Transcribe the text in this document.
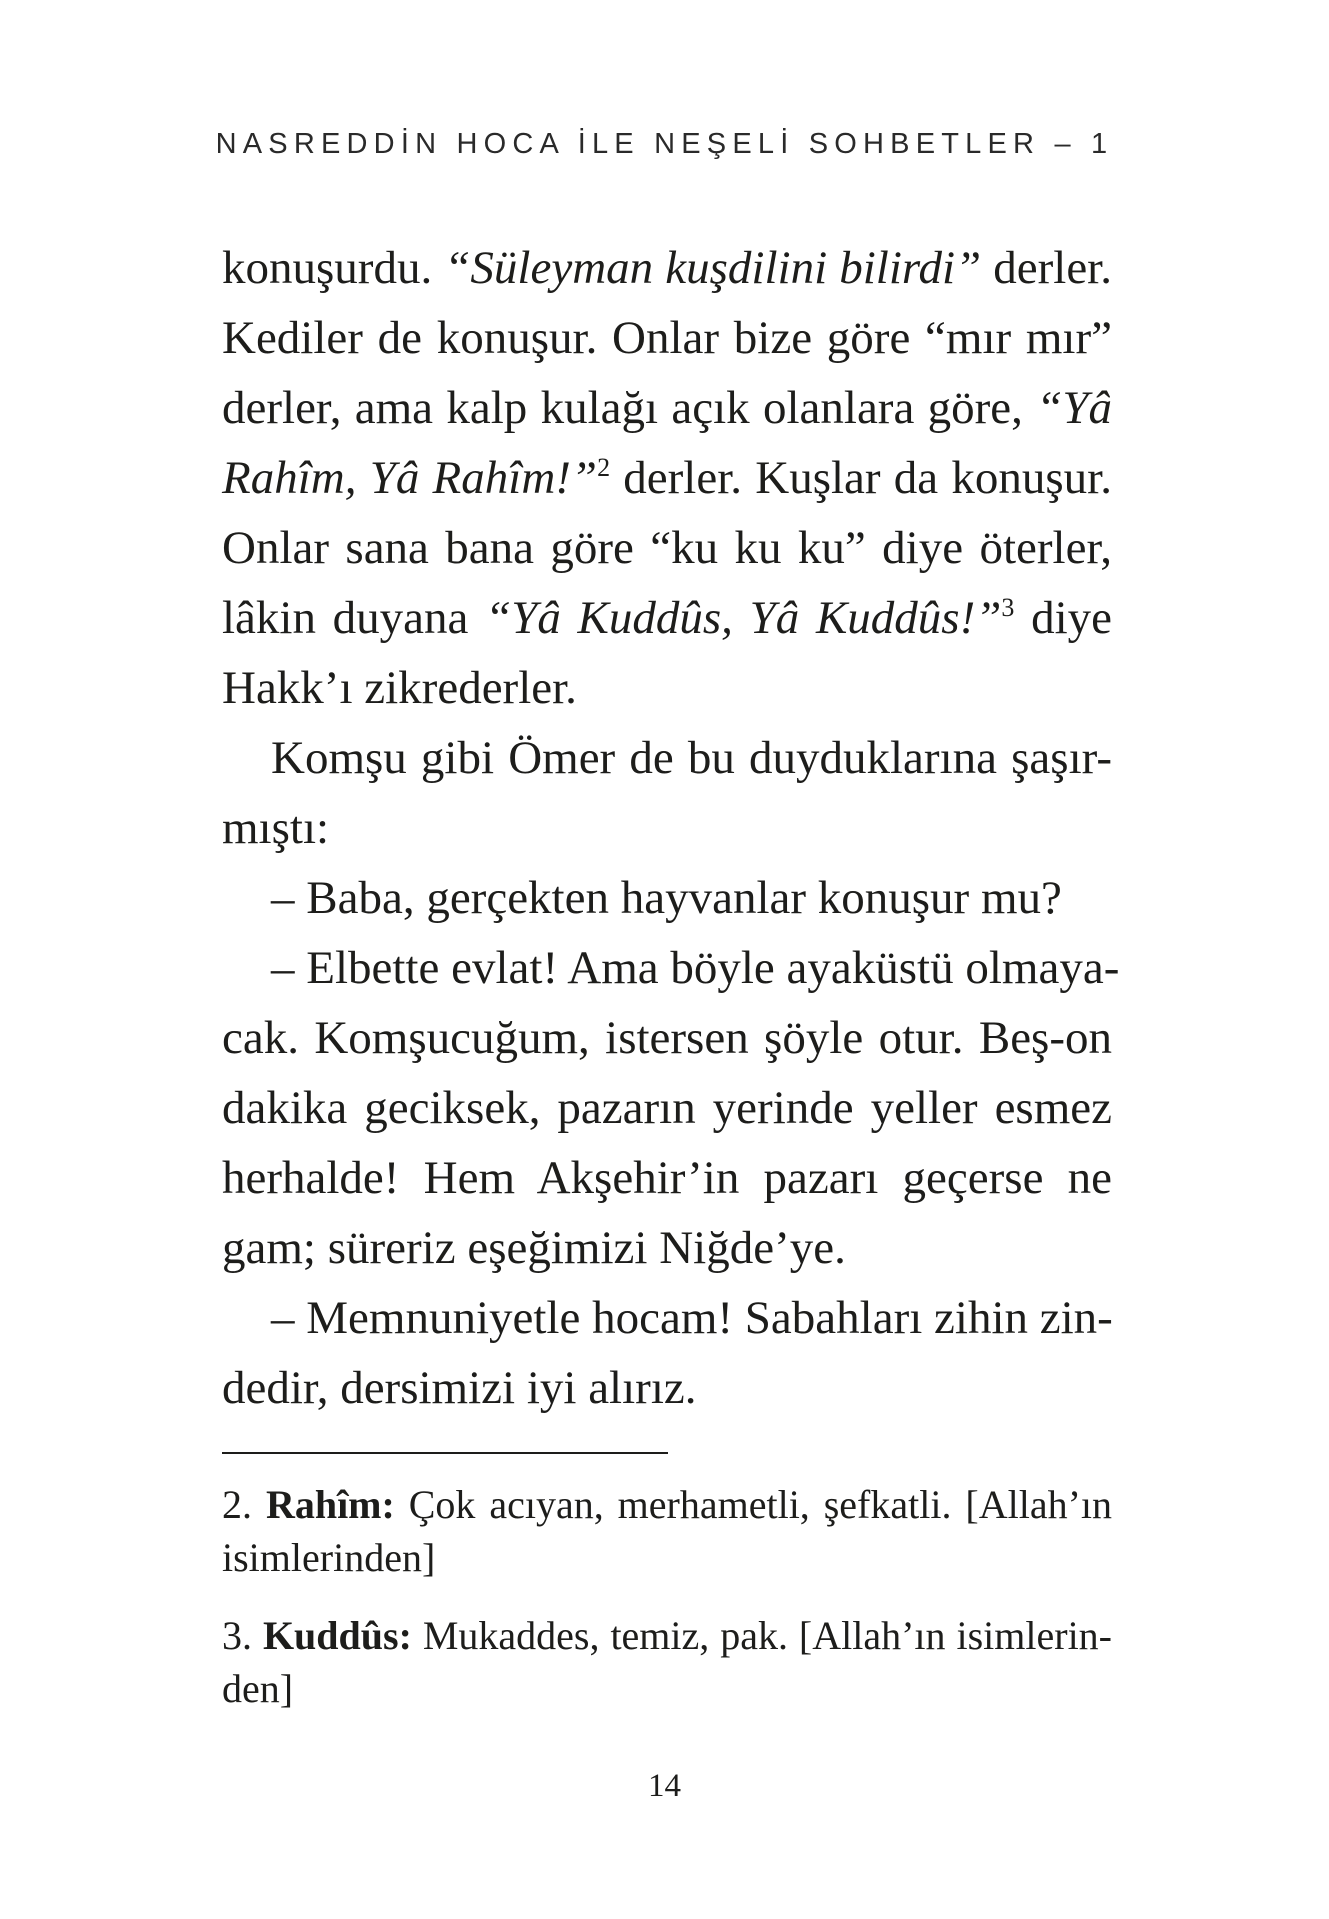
NASREDDİN HOCA İLE NEŞELİ SOHBETLER – 1
konuşurdu. “Süleyman kuşdilini bilirdi” derler.
Kediler de konuşur. Onlar bize göre “mır mır”
derler, ama kalp kulağı açık olanlara göre, “Yâ
Rahîm, Yâ Rahîm!”$^2$ derler. Kuşlar da konuşur.
Onlar sana bana göre “ku ku ku” diye öterler,
lâkin duyana “Yâ Kuddûs, Yâ Kuddûs!”$^3$ diye
Hakk’ı zikrederler.
Komşu gibi Ömer de bu duyduklarına şaşır-
mıştı:
– Baba, gerçekten hayvanlar konuşur mu?
– Elbette evlat! Ama böyle ayaküstü olmaya-
cak. Komşucuğum, istersen şöyle otur. Beş-on
dakika geciksek, pazarın yerinde yeller esmez
herhalde! Hem Akşehir’in pazarı geçerse ne
gam; süreriz eşeğimizi Niğde’ye.
– Memnuniyetle hocam! Sabahları zihin zin-
dedir, dersimizi iyi alırız.
2. Rahîm: Çok acıyan, merhametli, şefkatli. [Allah’ın
isimlerinden]
3. Kuddûs: Mukaddes, temiz, pak. [Allah’ın isimlerin-
den]
14
